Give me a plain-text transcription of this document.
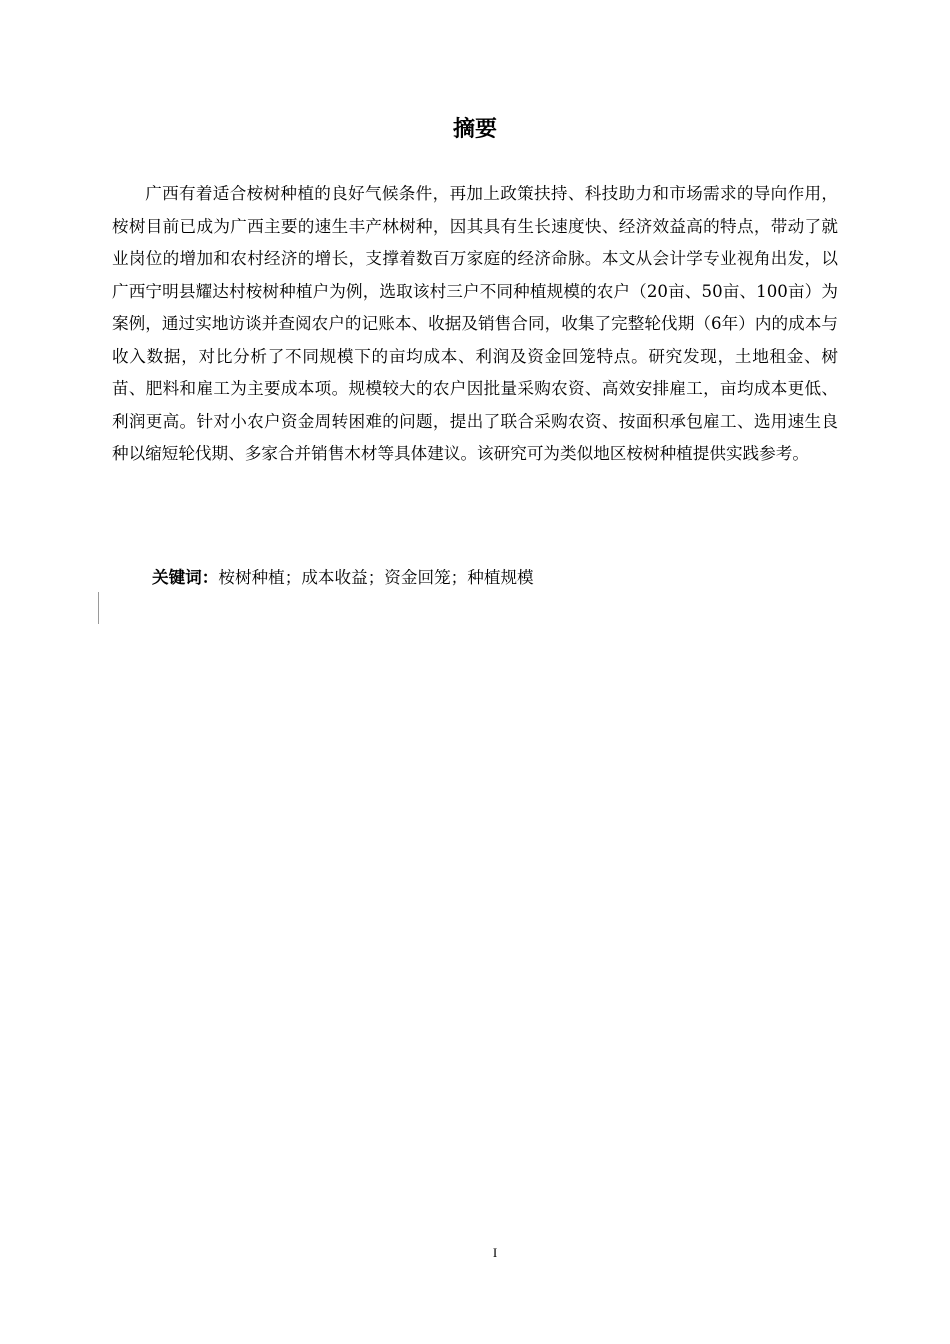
摘要

广西有着适合桉树种植的良好气候条件，再加上政策扶持、科技助力和市场需求的导向作用，桉树目前已成为广西主要的速生丰产林树种，因其具有生长速度快、经济效益高的特点，带动了就业岗位的增加和农村经济的增长，支撑着数百万家庭的经济命脉。本文从会计学专业视角出发，以广西宁明县耀达村桉树种植户为例，选取该村三户不同种植规模的农户（20亩、50亩、100亩）为案例，通过实地访谈并查阅农户的记账本、收据及销售合同，收集了完整轮伐期（6年）内的成本与收入数据，对比分析了不同规模下的亩均成本、利润及资金回笼特点。研究发现，土地租金、树苗、肥料和雇工为主要成本项。规模较大的农户因批量采购农资、高效安排雇工，亩均成本更低、利润更高。针对小农户资金周转困难的问题，提出了联合采购农资、按面积承包雇工、选用速生良种以缩短轮伐期、多家合并销售木材等具体建议。该研究可为类似地区桉树种植提供实践参考。

关键词：桉树种植；成本收益；资金回笼；种植规模
I
